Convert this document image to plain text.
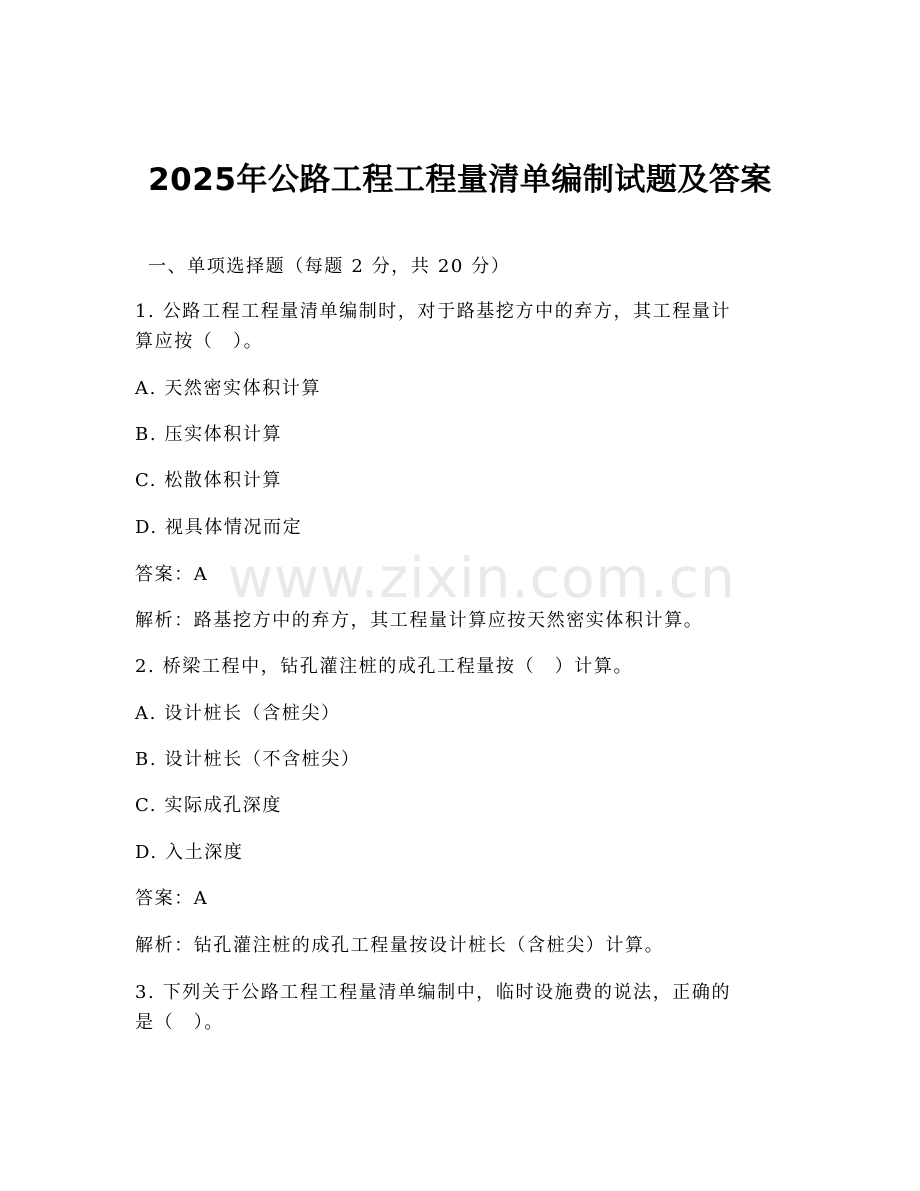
www.zixin.com.cn
2025年公路工程工程量清单编制试题及答案
一、单项选择题（每题 2 分，共 20 分）
1. 公路工程工程量清单编制时，对于路基挖方中的弃方，其工程量计
算应按（　）。
A. 天然密实体积计算
B. 压实体积计算
C. 松散体积计算
D. 视具体情况而定
答案：A
解析：路基挖方中的弃方，其工程量计算应按天然密实体积计算。
2. 桥梁工程中，钻孔灌注桩的成孔工程量按（　）计算。
A. 设计桩长（含桩尖）
B. 设计桩长（不含桩尖）
C. 实际成孔深度
D. 入土深度
答案：A
解析：钻孔灌注桩的成孔工程量按设计桩长（含桩尖）计算。
3. 下列关于公路工程工程量清单编制中，临时设施费的说法，正确的
是（　）。
